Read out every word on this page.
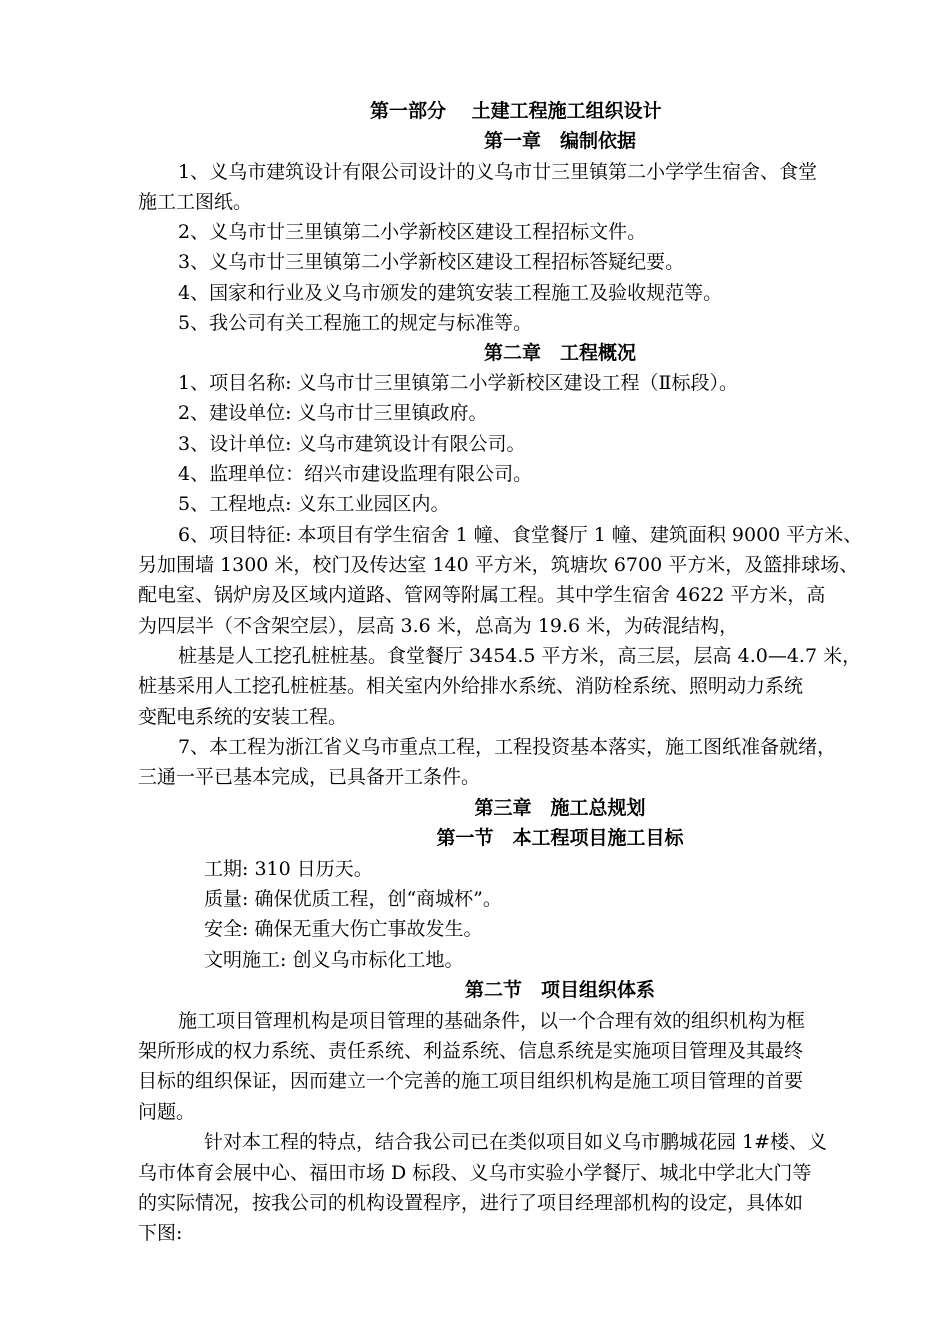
第一部分　 土建工程施工组织设计
第一章　编制依据
1、义乌市建筑设计有限公司设计的义乌市廿三里镇第二小学学生宿舍、食堂
施工工图纸。
2、义乌市廿三里镇第二小学新校区建设工程招标文件。
3、义乌市廿三里镇第二小学新校区建设工程招标答疑纪要。
4、国家和行业及义乌市颁发的建筑安装工程施工及验收规范等。
5、我公司有关工程施工的规定与标准等。
第二章　工程概况
1、项目名称: 义乌市廿三里镇第二小学新校区建设工程（Ⅱ标段）。
2、建设单位: 义乌市廿三里镇政府。
3、设计单位: 义乌市建筑设计有限公司。
4、监理单位：绍兴市建设监理有限公司。
5、工程地点: 义东工业园区内。
6、项目特征: 本项目有学生宿舍 1 幢、食堂餐厅 1 幢、建筑面积 9000 平方米、
另加围墙 1300 米，校门及传达室 140 平方米，筑塘坎 6700 平方米，及篮排球场、
配电室、锅炉房及区域内道路、管网等附属工程。其中学生宿舍 4622 平方米，高
为四层半（不含架空层），层高 3.6 米，总高为 19.6 米，为砖混结构，
桩基是人工挖孔桩桩基。食堂餐厅 3454.5 平方米，高三层，层高 4.0—4.7 米，
桩基采用人工挖孔桩桩基。相关室内外给排水系统、消防栓系统、照明动力系统
变配电系统的安装工程。
7、本工程为浙江省义乌市重点工程，工程投资基本落实，施工图纸准备就绪，
三通一平已基本完成，已具备开工条件。
第三章　施工总规划
第一节　本工程项目施工目标
工期: 310 日历天。
质量: 确保优质工程，创“商城杯”。
安全: 确保无重大伤亡事故发生。
文明施工: 创义乌市标化工地。
第二节　项目组织体系
施工项目管理机构是项目管理的基础条件，以一个合理有效的组织机构为框
架所形成的权力系统、责任系统、利益系统、信息系统是实施项目管理及其最终
目标的组织保证，因而建立一个完善的施工项目组织机构是施工项目管理的首要
问题。
针对本工程的特点，结合我公司已在类似项目如义乌市鹏城花园 1#楼、义
乌市体育会展中心、福田市场 D 标段、义乌市实验小学餐厅、城北中学北大门等
的实际情况，按我公司的机构设置程序，进行了项目经理部机构的设定，具体如
下图:
